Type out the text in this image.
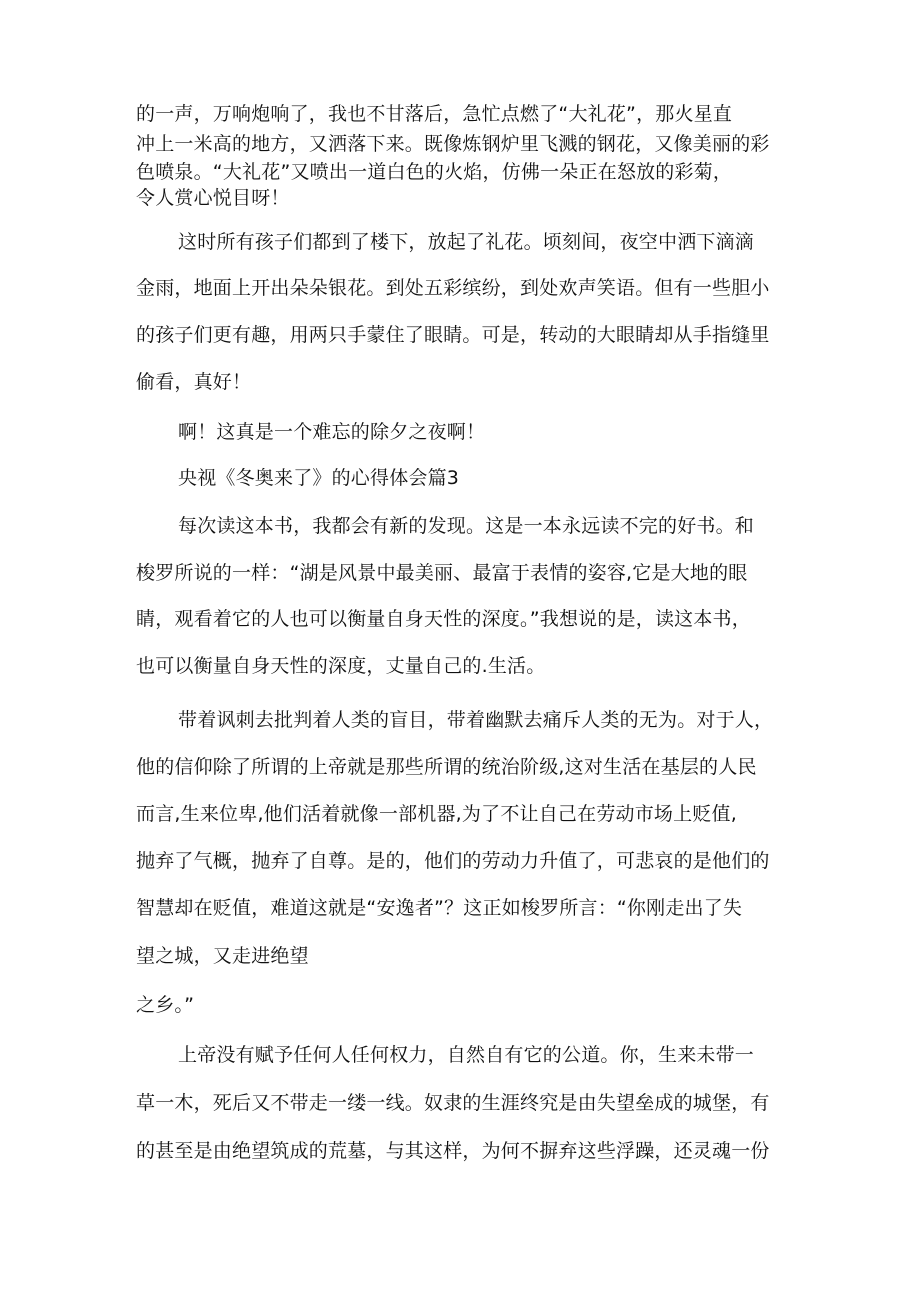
的一声，万响炮响了，我也不甘落后，急忙点燃了“大礼花”，那火星直
冲上一米高的地方，又洒落下来。既像炼钢炉里飞溅的钢花，又像美丽的彩
色喷泉。“大礼花”又喷出一道白色的火焰，仿佛一朵正在怒放的彩菊，
令人赏心悦目呀！
这时所有孩子们都到了楼下，放起了礼花。顷刻间，夜空中洒下滴滴
金雨，地面上开出朵朵银花。到处五彩缤纷，到处欢声笑语。但有一些胆小
的孩子们更有趣，用两只手蒙住了眼睛。可是，转动的大眼睛却从手指缝里
偷看，真好！
啊！这真是一个难忘的除夕之夜啊！
央视《冬奥来了》的心得体会篇3
每次读这本书，我都会有新的发现。这是一本永远读不完的好书。和
梭罗所说的一样：“湖是风景中最美丽、最富于表情的姿容,它是大地的眼
睛，观看着它的人也可以衡量自身天性的深度。”我想说的是，读这本书，
也可以衡量自身天性的深度，丈量自己的.生活。
带着讽刺去批判着人类的盲目，带着幽默去痛斥人类的无为。对于人，
他的信仰除了所谓的上帝就是那些所谓的统治阶级,这对生活在基层的人民
而言,生来位卑,他们活着就像一部机器,为了不让自己在劳动市场上贬值,
抛弃了气概，抛弃了自尊。是的，他们的劳动力升值了，可悲哀的是他们的
智慧却在贬值，难道这就是“安逸者”？这正如梭罗所言：“你刚走出了失
望之城，又走进绝望
之乡。”
上帝没有赋予任何人任何权力，自然自有它的公道。你，生来未带一
草一木，死后又不带走一缕一线。奴隶的生涯终究是由失望垒成的城堡，有
的甚至是由绝望筑成的荒墓，与其这样，为何不摒弃这些浮躁，还灵魂一份
